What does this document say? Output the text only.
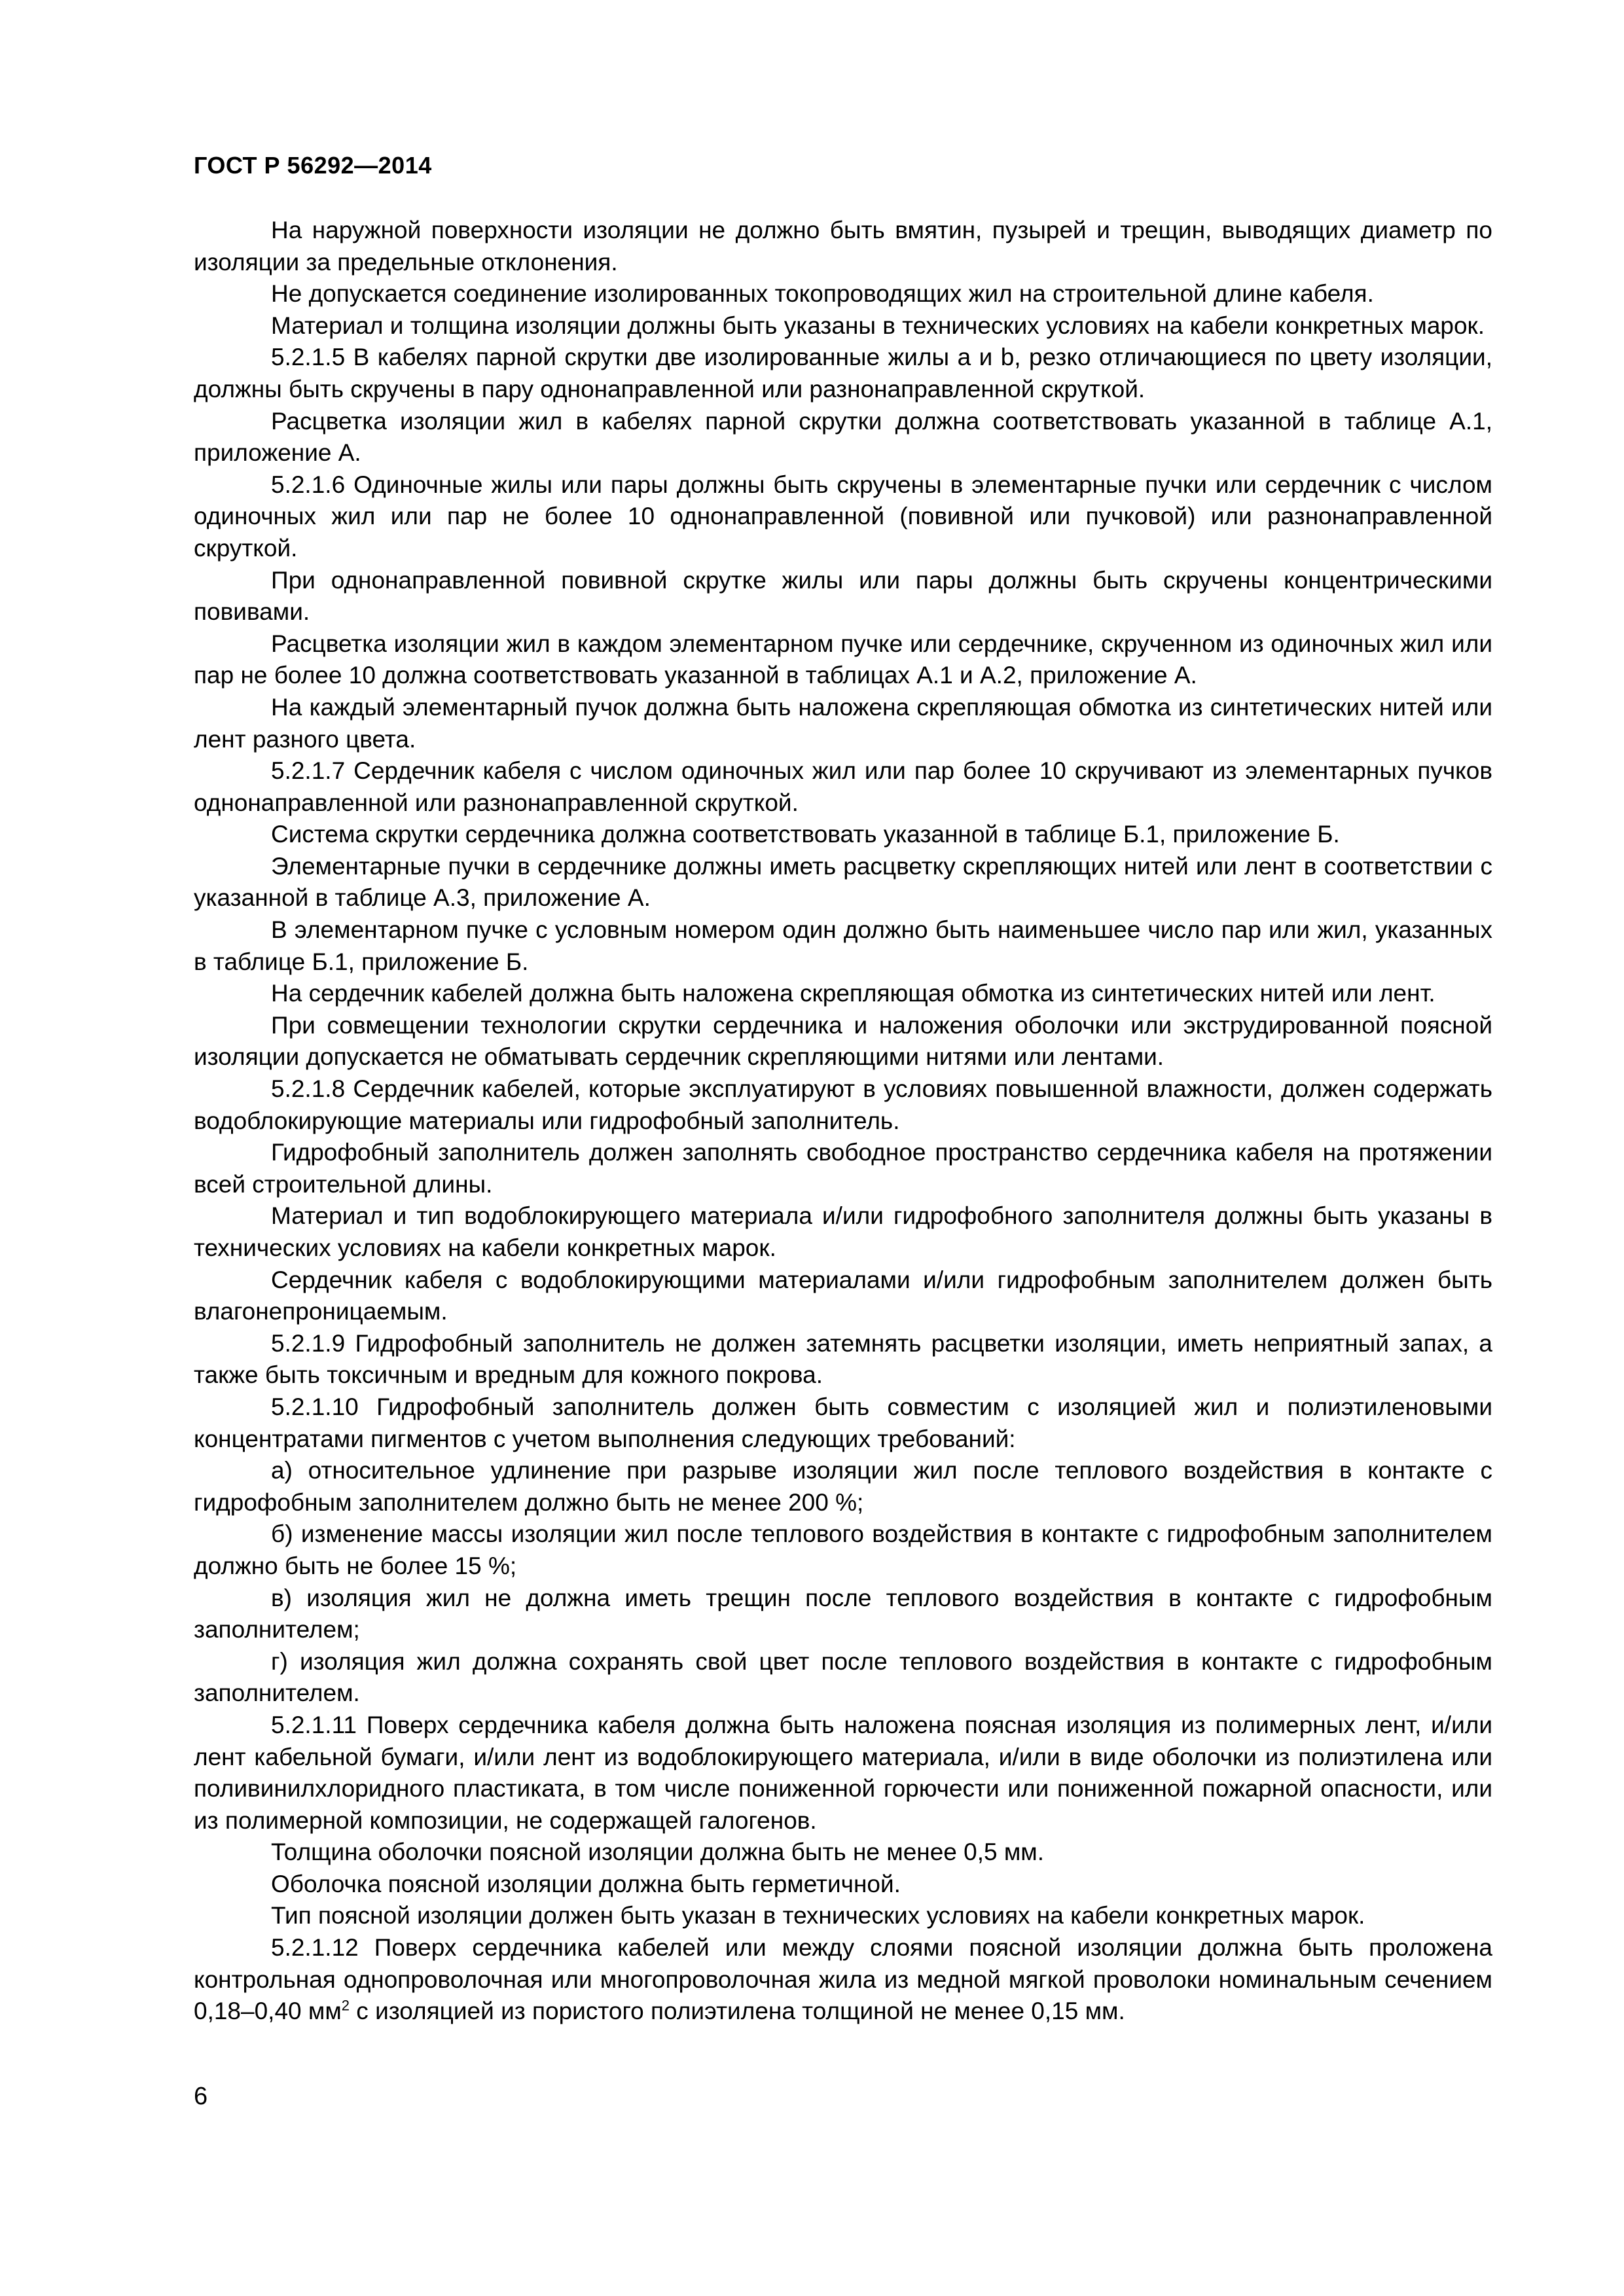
ГОСТ Р 56292—2014

На наружной поверхности изоляции не должно быть вмятин, пузырей и трещин, выводящих диаметр по изоляции за предельные отклонения.

Не допускается соединение изолированных токопроводящих жил на строительной длине кабеля.

Материал и толщина изоляции должны быть указаны в технических условиях на кабели конкретных марок.

5.2.1.5 В кабелях парной скрутки две изолированные жилы a и b, резко отличающиеся по цвету изоляции, должны быть скручены в пару однонаправленной или разнонаправленной скруткой.

Расцветка изоляции жил в кабелях парной скрутки должна соответствовать указанной в таблице А.1, приложение А.

5.2.1.6 Одиночные жилы или пары должны быть скручены в элементарные пучки или сердечник с числом одиночных жил или пар не более 10 однонаправленной (повивной или пучковой) или разнонаправленной скруткой.

При однонаправленной повивной скрутке жилы или пары должны быть скручены концентрическими повивами.

Расцветка изоляции жил в каждом элементарном пучке или сердечнике, скрученном из одиночных жил или пар не более 10 должна соответствовать указанной в таблицах А.1 и А.2, приложение А.

На каждый элементарный пучок должна быть наложена скрепляющая обмотка из синтетических нитей или лент разного цвета.

5.2.1.7 Сердечник кабеля с числом одиночных жил или пар более 10 скручивают из элементарных пучков однонаправленной или разнонаправленной скруткой.

Система скрутки сердечника должна соответствовать указанной в таблице Б.1, приложение Б.

Элементарные пучки в сердечнике должны иметь расцветку скрепляющих нитей или лент в соответствии с указанной в таблице А.3, приложение А.

В элементарном пучке с условным номером один должно быть наименьшее число пар или жил, указанных в таблице Б.1, приложение Б.

На сердечник кабелей должна быть наложена скрепляющая обмотка из синтетических нитей или лент.

При совмещении технологии скрутки сердечника и наложения оболочки или экструдированной поясной изоляции допускается не обматывать сердечник скрепляющими нитями или лентами.

5.2.1.8 Сердечник кабелей, которые эксплуатируют в условиях повышенной влажности, должен содержать водоблокирующие материалы или гидрофобный заполнитель.

Гидрофобный заполнитель должен заполнять свободное пространство сердечника кабеля на протяжении всей строительной длины.

Материал и тип водоблокирующего материала и/или гидрофобного заполнителя должны быть указаны в технических условиях на кабели конкретных марок.

Сердечник кабеля с водоблокирующими материалами и/или гидрофобным заполнителем должен быть влагонепроницаемым.

5.2.1.9 Гидрофобный заполнитель не должен затемнять расцветки изоляции, иметь неприятный запах, а также быть токсичным и вредным для кожного покрова.

5.2.1.10 Гидрофобный заполнитель должен быть совместим с изоляцией жил и полиэтиленовыми концентратами пигментов с учетом выполнения следующих требований:

а) относительное удлинение при разрыве изоляции жил после теплового воздействия в контакте с гидрофобным заполнителем должно быть не менее 200 %;

б) изменение массы изоляции жил после теплового воздействия в контакте с гидрофобным заполнителем должно быть не более 15 %;

в) изоляция жил не должна иметь трещин после теплового воздействия в контакте с гидрофобным заполнителем;

г) изоляция жил должна сохранять свой цвет после теплового воздействия в контакте с гидрофобным заполнителем.

5.2.1.11 Поверх сердечника кабеля должна быть наложена поясная изоляция из полимерных лент, и/или лент кабельной бумаги, и/или лент из водоблокирующего материала, и/или в виде оболочки из полиэтилена или поливинилхлоридного пластиката, в том числе пониженной горючести или пониженной пожарной опасности, или из полимерной композиции, не содержащей галогенов.

Толщина оболочки поясной изоляции должна быть не менее 0,5 мм.

Оболочка поясной изоляции должна быть герметичной.

Тип поясной изоляции должен быть указан в технических условиях на кабели конкретных марок.

5.2.1.12 Поверх сердечника кабелей или между слоями поясной изоляции должна быть проложена контрольная однопроволочная или многопроволочная жила из медной мягкой проволоки номинальным сечением 0,18–0,40 $мм^2$ с изоляцией из пористого полиэтилена толщиной не менее 0,15 мм.

6
